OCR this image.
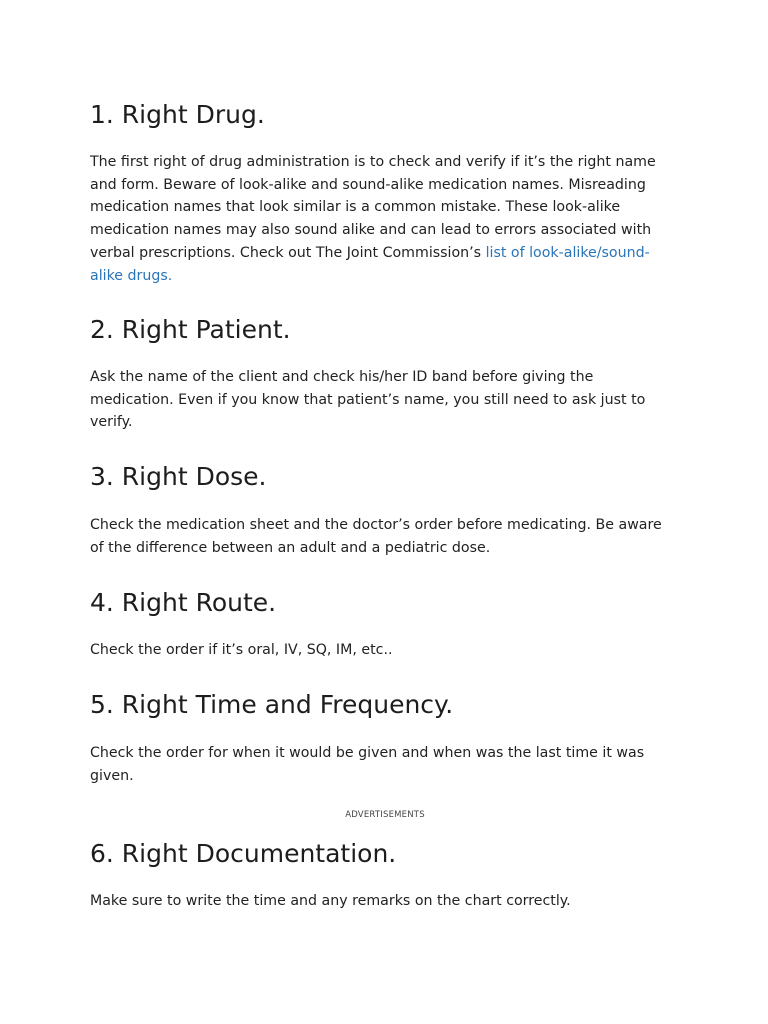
1. Right Drug.

The first right of drug administration is to check and verify if it’s the right name and form. Beware of look-alike and sound-alike medication names. Misreading medication names that look similar is a common mistake. These look-alike medication names may also sound alike and can lead to errors associated with verbal prescriptions. Check out The Joint Commission’s list of look-alike/sound-alike drugs.

2. Right Patient.

Ask the name of the client and check his/her ID band before giving the medication. Even if you know that patient’s name, you still need to ask just to verify.

3. Right Dose.

Check the medication sheet and the doctor’s order before medicating. Be aware of the difference between an adult and a pediatric dose.

4. Right Route.

Check the order if it’s oral, IV, SQ, IM, etc..

5. Right Time and Frequency.

Check the order for when it would be given and when was the last time it was given.

ADVERTISEMENTS
6. Right Documentation.

Make sure to write the time and any remarks on the chart correctly.
